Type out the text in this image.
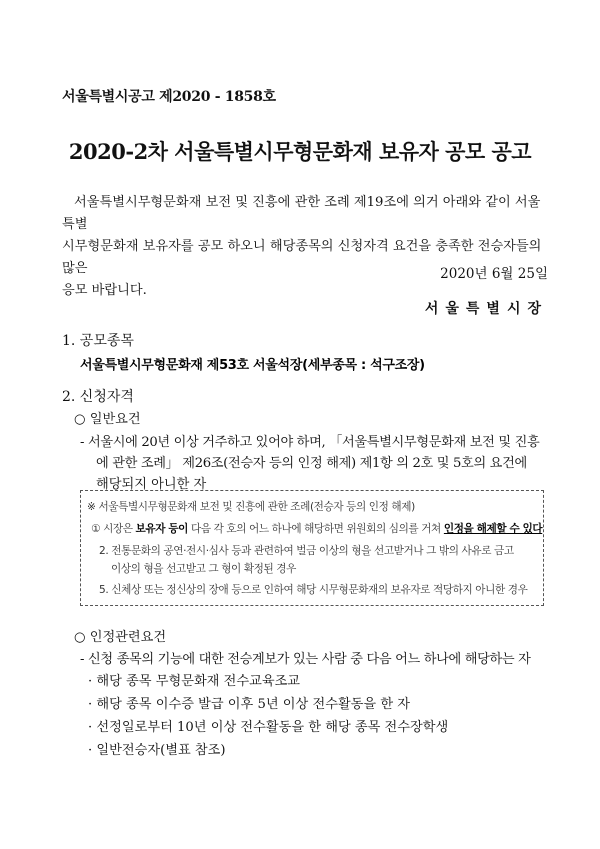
서울특별시공고 제2020 - 1858호
2020-2차 서울특별시무형문화재 보유자 공모 공고

서울특별시무형문화재 보전 및 진흥에 관한 조례 제19조에 의거 아래와 같이 서울특별

시무형문화재 보유자를 공모 하오니 해당종목의 신청자격 요건을 충족한 전승자들의 많은
응모 바랍니다.
2020년 6월 25일
서울특별시장
1. 공모종목
서울특별시무형문화재 제53호 서울석장(세부종목 : 석구조장)
2. 신청자격
○ 일반요건
- 서울시에 20년 이상 거주하고 있어야 하며, 「서울특별시무형문화재 보전 및 진흥
에 관한 조례」 제26조(전승자 등의 인정 해제) 제1항 의 2호 및 5호의 요건에
해당되지 아니한 자
※ 서울특별시무형문화재 보전 및 진흥에 관한 조례(전승자 등의 인정 해제)
① 시장은 보유자 등이 다음 각 호의 어느 하나에 해당하면 위원회의 심의를 거쳐 인정을 해제할 수 있다
2. 전통문화의 공연·전시·심사 등과 관련하여 벌금 이상의 형을 선고받거나 그 밖의 사유로 금고
이상의 형을 선고받고 그 형이 확정된 경우
5. 신체상 또는 정신상의 장애 등으로 인하여 해당 시무형문화재의 보유자로 적당하지 아니한 경우
○ 인정관련요건
- 신청 종목의 기능에 대한 전승계보가 있는 사람 중 다음 어느 하나에 해당하는 자
· 해당 종목 무형문화재 전수교육조교
· 해당 종목 이수증 발급 이후 5년 이상 전수활동을 한 자
· 선정일로부터 10년 이상 전수활동을 한 해당 종목 전수장학생
· 일반전승자(별표 참조)
